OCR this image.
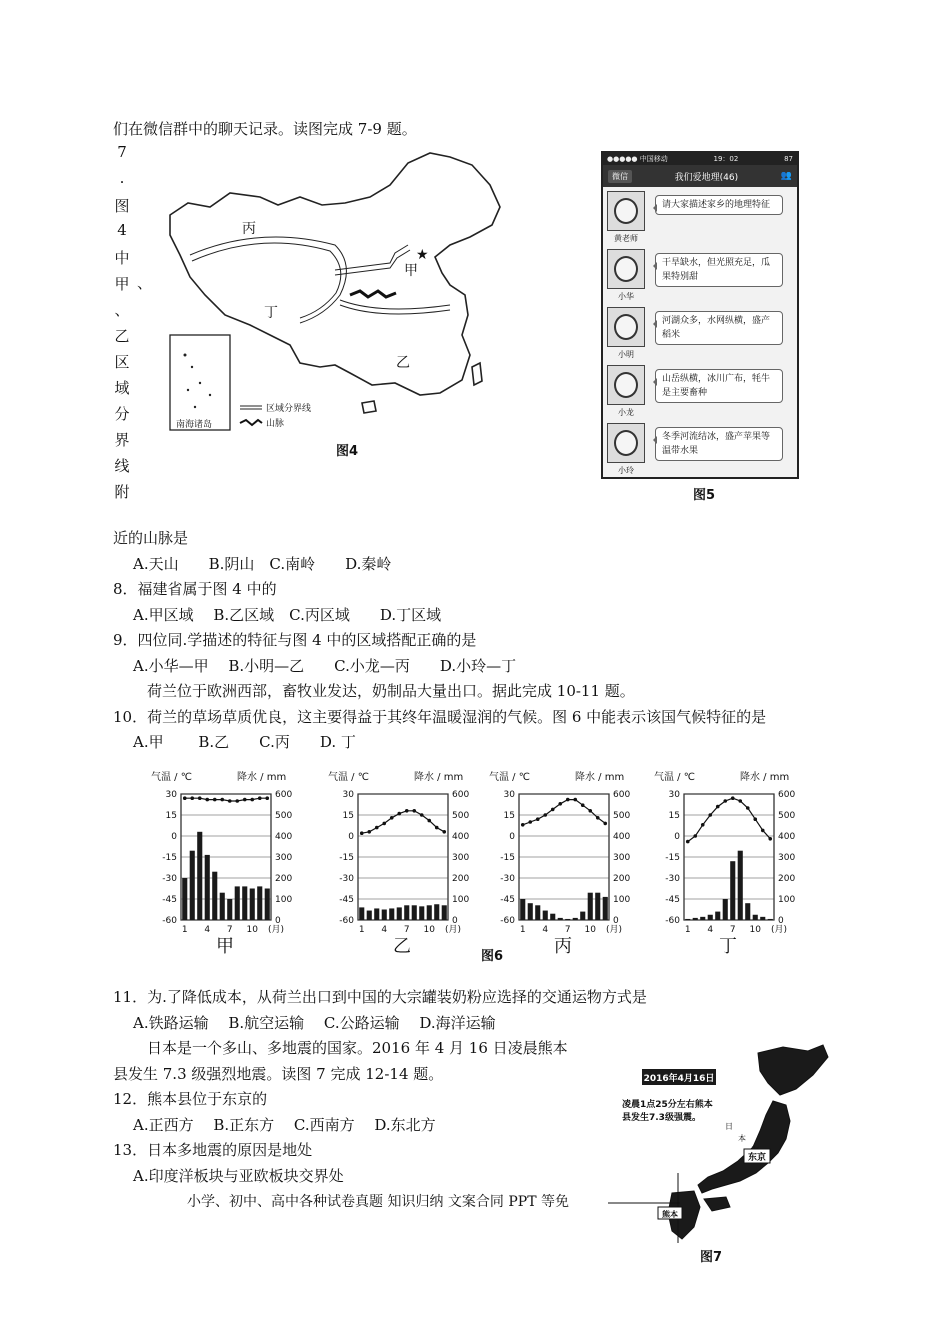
们在微信群中的聊天记录。读图完成 7-9 题。
7
.
图
4
中
甲
、
乙
区
域
分
界
线
附
、
★
丙
甲
丁
乙
南海诸岛
区域分界线
山脉
图4
●●●●● 中国移动	19：02	87
微信	我们爱地理(46)	👥
黄老师
请大家描述家乡的地理特征
小华
干旱缺水，但光照充足，瓜果特别甜
小明
河湖众多，水网纵横，盛产稻米
小龙
山岳纵横，冰川广布，牦牛是主要畜种
小玲
冬季河流结冰，盛产苹果等温带水果
图5
近的山脉是
A.天山　　B.阴山　C.南岭　　D.秦岭
8．福建省属于图 4 中的
A.甲区域　 B.乙区域　C.丙区域　　D.丁区域
9．四位同.学描述的特征与图 4 中的区域搭配正确的是
A.小华—甲　 B.小明—乙　　C.小龙—丙　　D.小玲—丁
荷兰位于欧洲西部，畜牧业发达，奶制品大量出口。据此完成 10-11 题。
10．荷兰的草场草质优良，这主要得益于其终年温暖湿润的气候。图 6 中能表示该国气候特征的是
A.甲　　 B.乙　　C.丙　　D. 丁
气温 / ℃	降水 / mm
30
15
0
-15
-30
-45
-60
600
500
400
300
200
100
0
1 4 7 10 (月)
甲
气温 / ℃	降水 / mm
30
15
0
-15
-30
-45
-60
600
500
400
300
200
100
0
1 4 7 10 (月)
乙
气温 / ℃	降水 / mm
30
15
0
-15
-30
-45
-60
600
500
400
300
200
100
0
1 4 7 10 (月)
丙
气温 / ℃	降水 / mm
30
15
0
-15
-30
-45
-60
600
500
400
300
200
100
0
1 4 7 10 (月)
丁
图6
11．为.了降低成本，从荷兰出口到中国的大宗罐装奶粉应选择的交通运物方式是
A.铁路运输　 B.航空运输　 C.公路运输　 D.海洋运输
日本是一个多山、多地震的国家。2016 年 4 月 16 日凌晨熊本
县发生 7.3 级强烈地震。读图 7 完成 12-14 题。
12．熊本县位于东京的
A.正西方　 B.正东方　 C.西南方　 D.东北方
13．日本多地震的原因是地处
A.印度洋板块与亚欧板块交界处
小学、初中、高中各种试卷真题 知识归纳 文案合同 PPT 等免
2016年4月16日
凌晨1点25分左右熊本
县发生7.3级强震。
日
本
东京
熊本
图7
